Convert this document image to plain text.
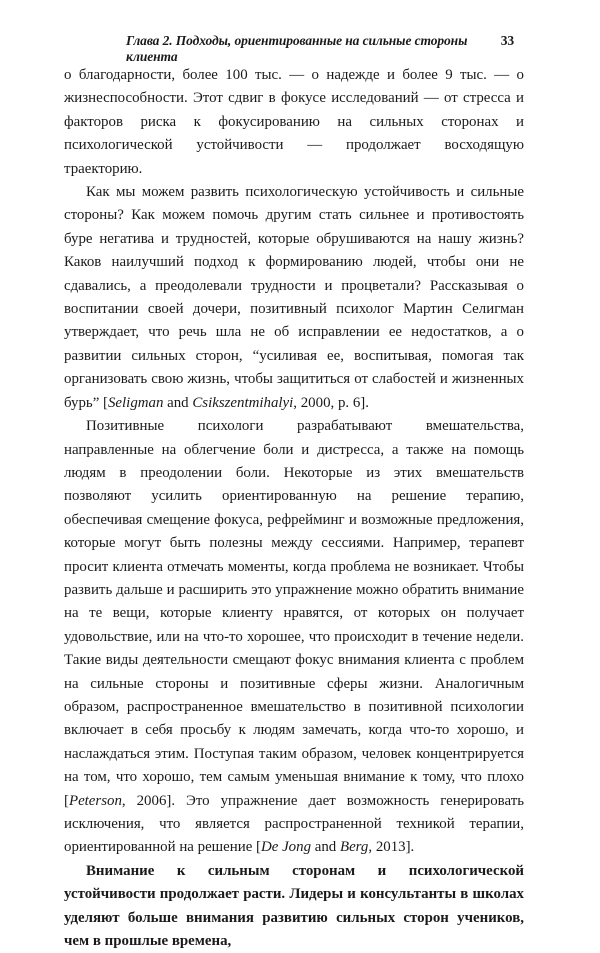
Глава 2. Подходы, ориентированные на сильные стороны клиента
33

о благодарности, более 100 тыс. — о надежде и более 9 тыс. — о жизнеспособности. Этот сдвиг в фокусе исследований — от стресса и факторов риска к фокусированию на сильных сторонах и психологической устойчивости — продолжает восходящую траекторию.

Как мы можем развить психологическую устойчивость и сильные стороны? Как можем помочь другим стать сильнее и противостоять буре негатива и трудностей, которые обрушиваются на нашу жизнь? Каков наилучший подход к формированию людей, чтобы они не сдавались, а преодолевали трудности и процветали? Рассказывая о воспитании своей дочери, позитивный психолог Мартин Селигман утверждает, что речь шла не об исправлении ее недостатков, а о развитии сильных сторон, “усиливая ее, воспитывая, помогая так организовать свою жизнь, чтобы защититься от слабостей и жизненных бурь” [Seligman and Csikszentmihalyi, 2000, p. 6].

Позитивные психологи разрабатывают вмешательства, направленные на облегчение боли и дистресса, а также на помощь людям в преодолении боли. Некоторые из этих вмешательств позволяют усилить ориентированную на решение терапию, обеспечивая смещение фокуса, рефрейминг и возможные предложения, которые могут быть полезны между сессиями. Например, терапевт просит клиента отмечать моменты, когда проблема не возникает. Чтобы развить дальше и расширить это упражнение можно обратить внимание на те вещи, которые клиенту нравятся, от которых он получает удовольствие, или на что-то хорошее, что происходит в течение недели. Такие виды деятельности смещают фокус внимания клиента с проблем на сильные стороны и позитивные сферы жизни. Аналогичным образом, распространенное вмешательство в позитивной психологии включает в себя просьбу к людям замечать, когда что-то хорошо, и наслаждаться этим. Поступая таким образом, человек концентрируется на том, что хорошо, тем самым уменьшая внимание к тому, что плохо [Peterson, 2006]. Это упражнение дает возможность генерировать исключения, что является распространенной техникой терапии, ориентированной на решение [De Jong and Berg, 2013].

Внимание к сильным сторонам и психологической устойчивости продолжает расти. Лидеры и консультанты в школах уделяют больше внимания развитию сильных сторон учеников, чем в прошлые времена,
